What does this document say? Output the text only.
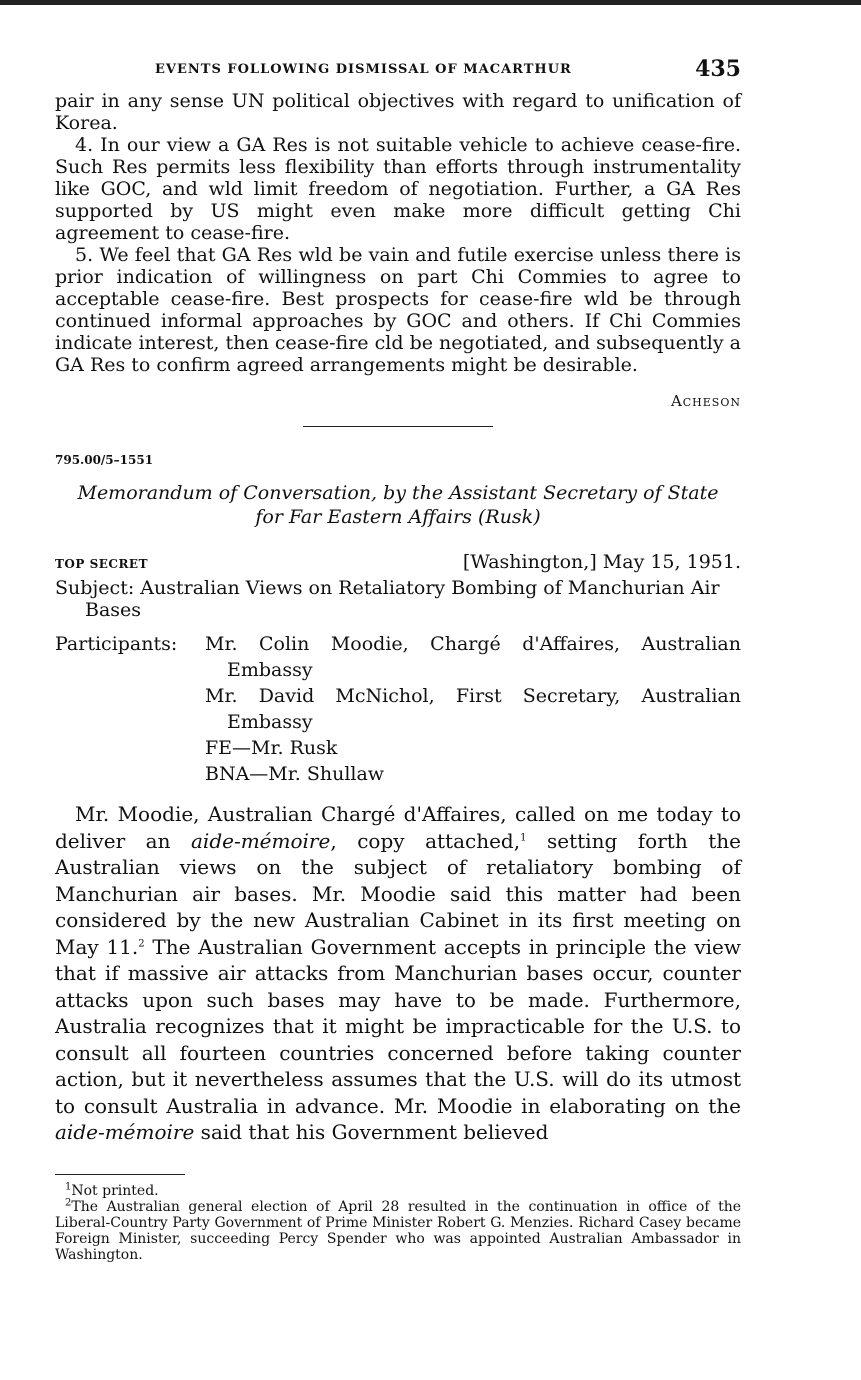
EVENTS FOLLOWING DISMISSAL OF MACARTHUR	435

pair in any sense UN political objectives with regard to unification of Korea.

4. In our view a GA Res is not suitable vehicle to achieve cease-fire. Such Res permits less flexibility than efforts through instrumentality like GOC, and wld limit freedom of negotiation. Further, a GA Res supported by US might even make more difficult getting Chi agreement to cease-fire.

5. We feel that GA Res wld be vain and futile exercise unless there is prior indication of willingness on part Chi Commies to agree to acceptable cease-fire. Best prospects for cease-fire wld be through continued informal approaches by GOC and others. If Chi Commies indicate interest, then cease-fire cld be negotiated, and subsequently a GA Res to confirm agreed arrangements might be desirable.

Acheson

795.00/5–1551

Memorandum of Conversation, by the Assistant Secretary of State
for Far Eastern Affairs (Rusk)
TOP SECRET	[Washington,] May 15, 1951.

Subject: Australian Views on Retaliatory Bombing of Manchurian Air Bases

Participants:	Mr. Colin Moodie, Chargé d'Affaires, Australian Embassy
Mr. David McNichol, First Secretary, Australian Embassy
FE—Mr. Rusk
BNA—Mr. Shullaw

Mr. Moodie, Australian Chargé d'Affaires, called on me today to deliver an aide-mémoire, copy attached,$^1$ setting forth the Australian views on the subject of retaliatory bombing of Manchurian air bases. Mr. Moodie said this matter had been considered by the new Australian Cabinet in its first meeting on May 11.$^2$ The Australian Government accepts in principle the view that if massive air attacks from Manchurian bases occur, counter attacks upon such bases may have to be made. Furthermore, Australia recognizes that it might be impracticable for the U.S. to consult all fourteen countries concerned before taking counter action, but it nevertheless assumes that the U.S. will do its utmost to consult Australia in advance. Mr. Moodie in elaborating on the aide-mémoire said that his Government believed

$^1$Not printed.

$^2$The Australian general election of April 28 resulted in the continuation in office of the Liberal-Country Party Government of Prime Minister Robert G. Menzies. Richard Casey became Foreign Minister, succeeding Percy Spender who was appointed Australian Ambassador in Washington.
